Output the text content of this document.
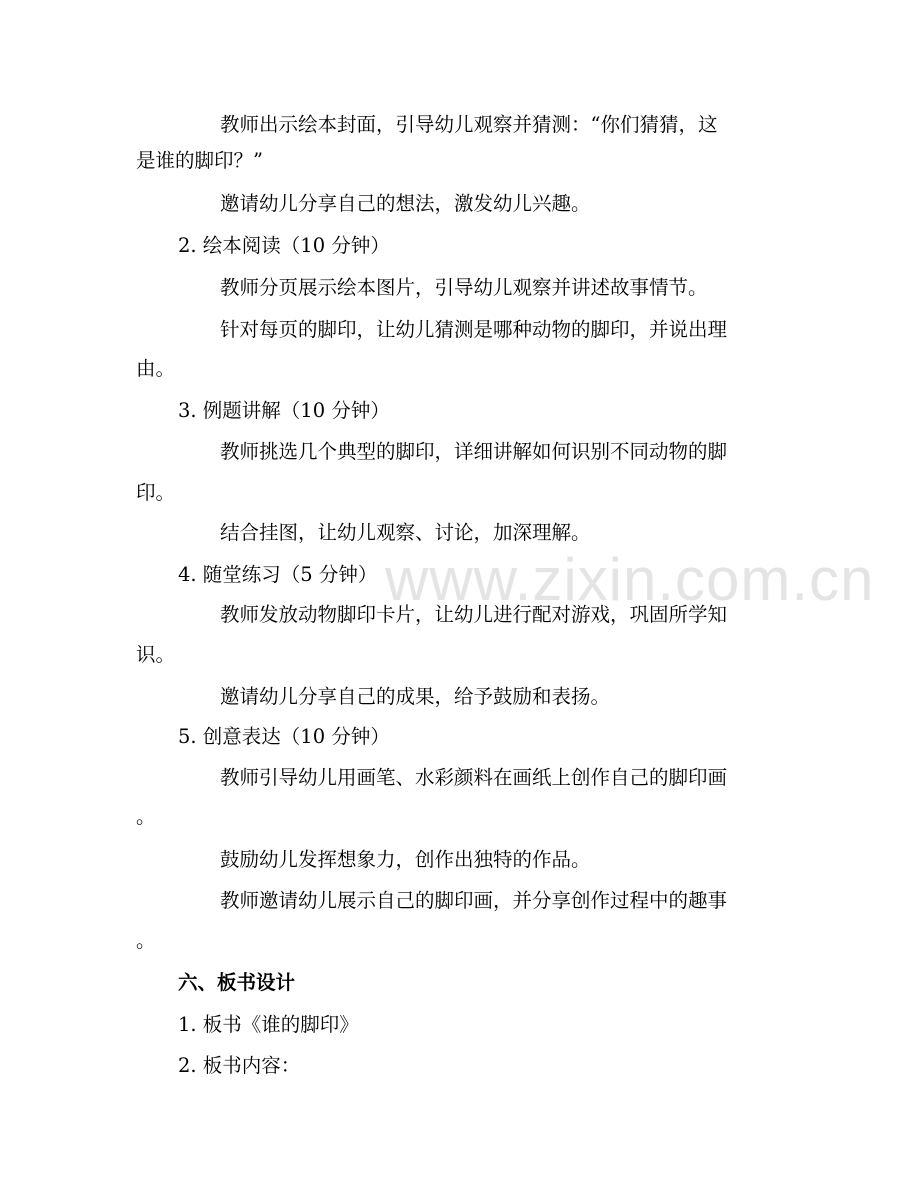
www.zixin.com.cn
教师出示绘本封面，引导幼儿观察并猜测：“你们猜猜，这
是谁的脚印？”
邀请幼儿分享自己的想法，激发幼儿兴趣。
2. 绘本阅读（10 分钟）
教师分页展示绘本图片，引导幼儿观察并讲述故事情节。
针对每页的脚印，让幼儿猜测是哪种动物的脚印，并说出理
由。
3. 例题讲解（10 分钟）
教师挑选几个典型的脚印，详细讲解如何识别不同动物的脚
印。
结合挂图，让幼儿观察、讨论，加深理解。
4. 随堂练习（5 分钟）
教师发放动物脚印卡片，让幼儿进行配对游戏，巩固所学知
识。
邀请幼儿分享自己的成果，给予鼓励和表扬。
5. 创意表达（10 分钟）
教师引导幼儿用画笔、水彩颜料在画纸上创作自己的脚印画
。
鼓励幼儿发挥想象力，创作出独特的作品。
教师邀请幼儿展示自己的脚印画，并分享创作过程中的趣事
。
六、板书设计
1. 板书《谁的脚印》
2. 板书内容：
